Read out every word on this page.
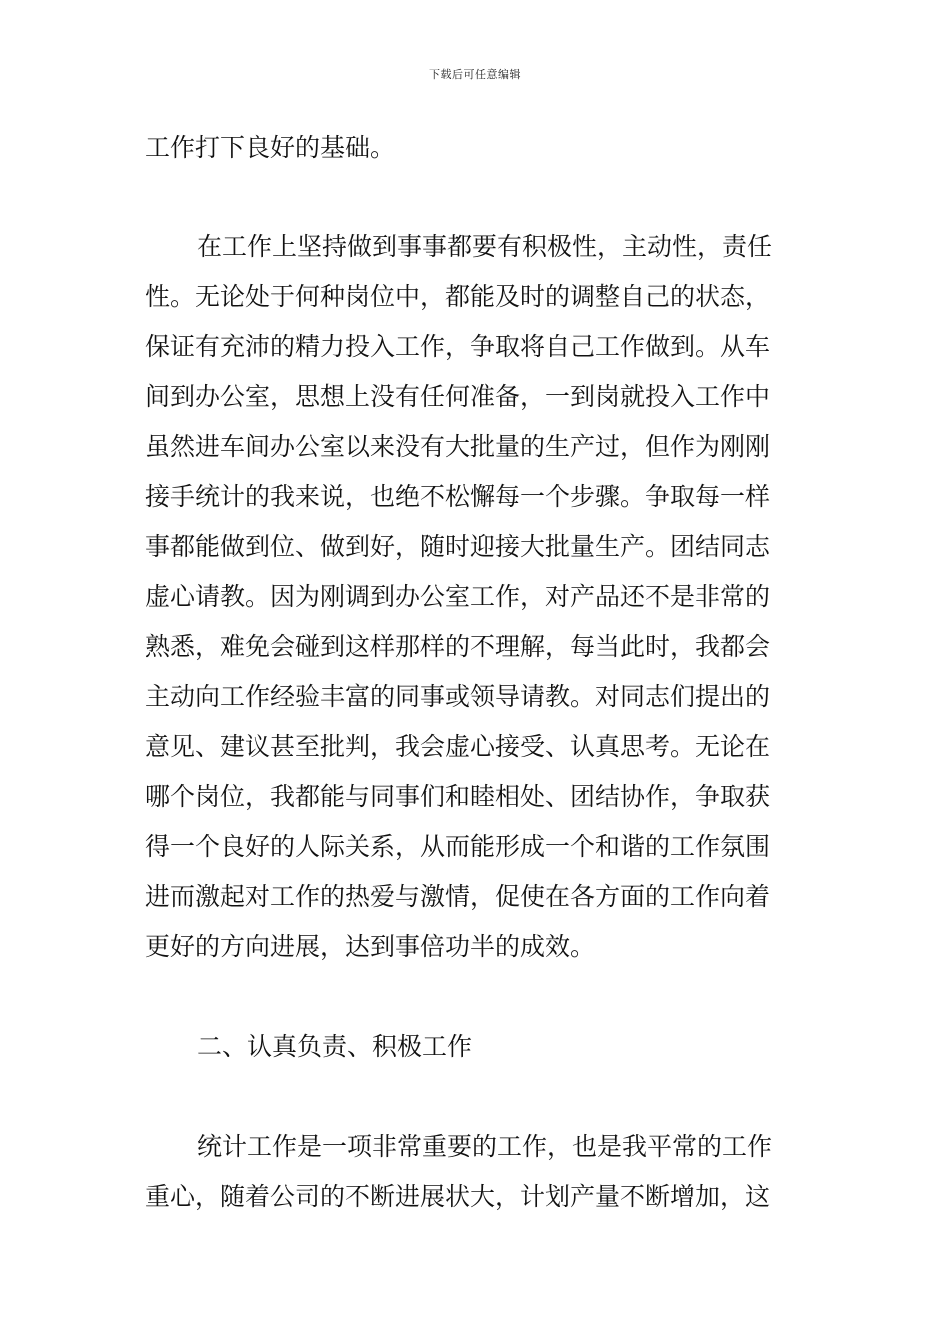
下载后可任意编辑
工作打下良好的基础。
在工作上坚持做到事事都要有积极性，主动性，责任
性。无论处于何种岗位中，都能及时的调整自己的状态，
保证有充沛的精力投入工作，争取将自己工作做到。从车
间到办公室，思想上没有任何准备，一到岗就投入工作中
虽然进车间办公室以来没有大批量的生产过，但作为刚刚
接手统计的我来说，也绝不松懈每一个步骤。争取每一样
事都能做到位、做到好，随时迎接大批量生产。团结同志
虚心请教。因为刚调到办公室工作，对产品还不是非常的
熟悉，难免会碰到这样那样的不理解，每当此时，我都会
主动向工作经验丰富的同事或领导请教。对同志们提出的
意见、建议甚至批判，我会虚心接受、认真思考。无论在
哪个岗位，我都能与同事们和睦相处、团结协作，争取获
得一个良好的人际关系，从而能形成一个和谐的工作氛围
进而激起对工作的热爱与激情，促使在各方面的工作向着
更好的方向进展，达到事倍功半的成效。
二、认真负责、积极工作
统计工作是一项非常重要的工作，也是我平常的工作
重心，随着公司的不断进展状大，计划产量不断增加，这
